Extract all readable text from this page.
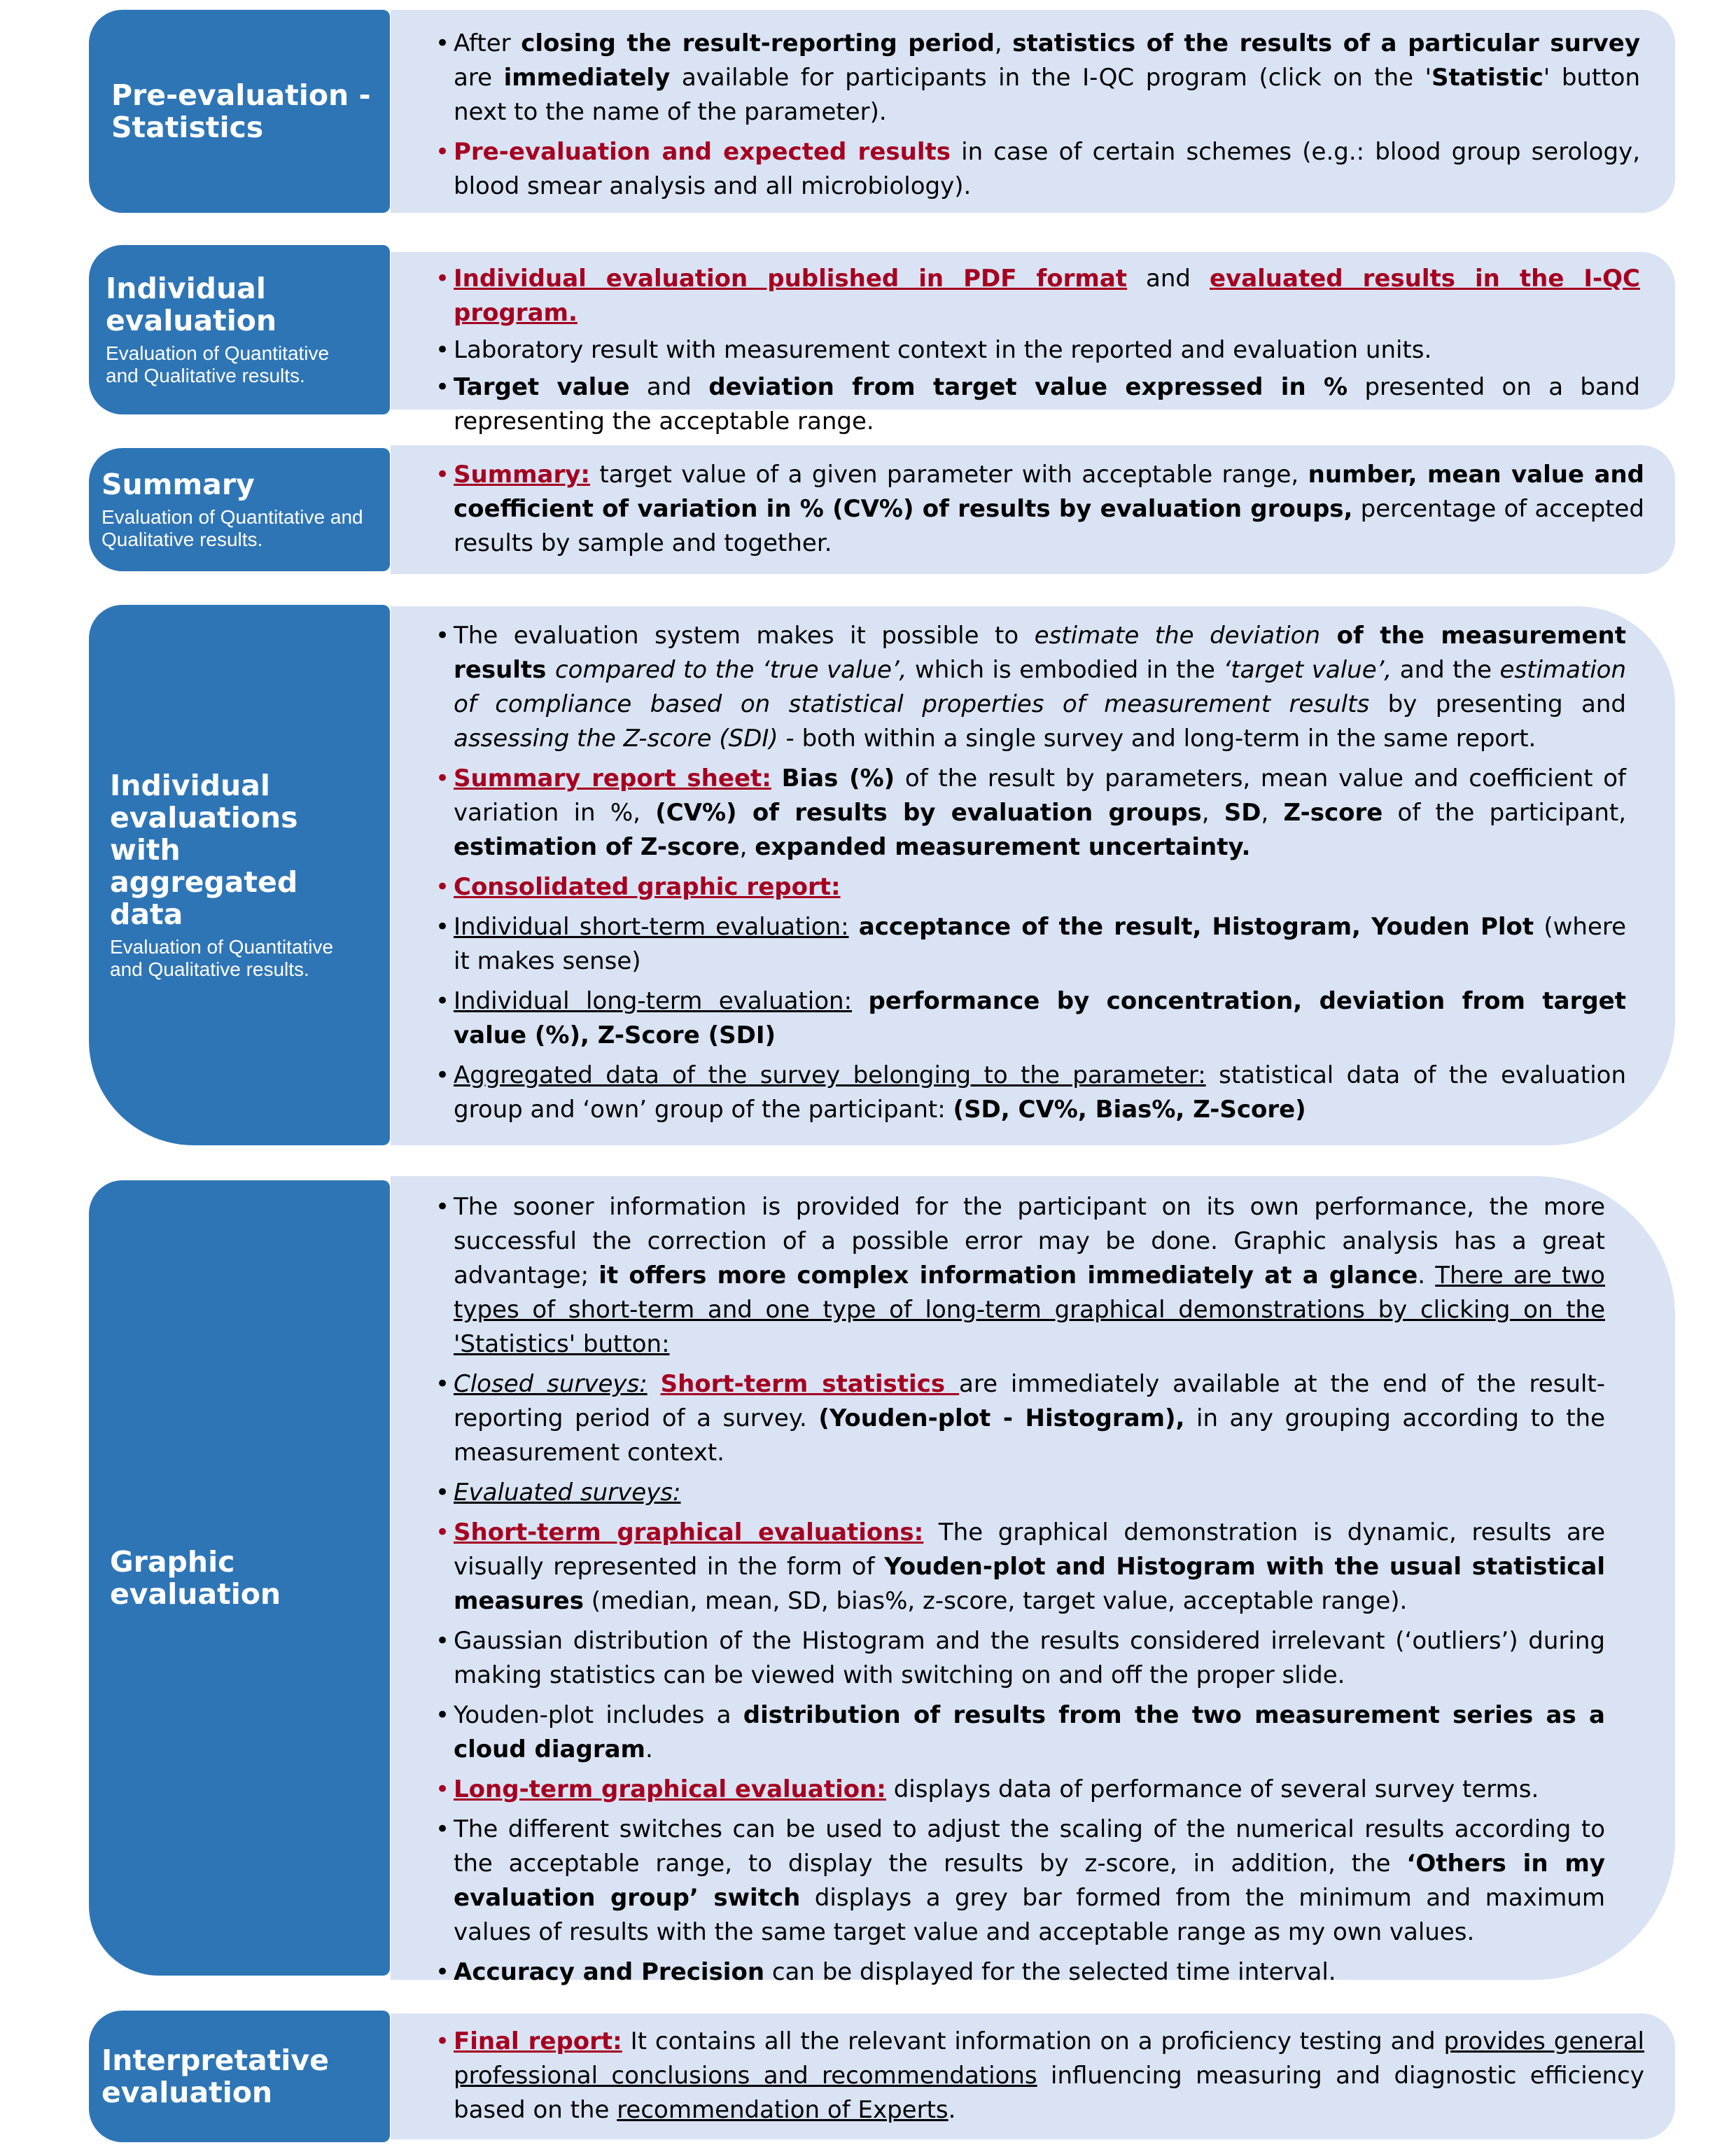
Pre-evaluation - Statistics
• After closing the result-reporting period, statistics of the results of a particular survey are immediately available for participants in the I-QC program (click on the 'Statistic' button next to the name of the parameter).
• Pre-evaluation and expected results in case of certain schemes (e.g.: blood group serology, blood smear analysis and all microbiology).
Individual evaluation
Evaluation of Quantitative and Qualitative results.
• Individual evaluation published in PDF format and evaluated results in the I-QC program.
• Laboratory result with measurement context in the reported and evaluation units.
• Target value and deviation from target value expressed in % presented on a band representing the acceptable range.
Summary
Evaluation of Quantitative and Qualitative results.
• Summary: target value of a given parameter with acceptable range, number, mean value and coefficient of variation in % (CV%) of results by evaluation groups, percentage of accepted results by sample and together.
Individual evaluations with aggregated data
Evaluation of Quantitative and Qualitative results.
• The evaluation system makes it possible to estimate the deviation of the measurement results compared to the ‘true value’, which is embodied in the ‘target value’, and the estimation of compliance based on statistical properties of measurement results by presenting and assessing the Z-score (SDI) - both within a single survey and long-term in the same report.
• Summary report sheet: Bias (%) of the result by parameters, mean value and coefficient of variation in %, (CV%) of results by evaluation groups, SD, Z-score of the participant, estimation of Z-score, expanded measurement uncertainty.
• Consolidated graphic report:
• Individual short-term evaluation: acceptance of the result, Histogram, Youden Plot (where it makes sense)
• Individual long-term evaluation: performance by concentration, deviation from target value (%), Z-Score (SDI)
• Aggregated data of the survey belonging to the parameter: statistical data of the evaluation group and ‘own’ group of the participant: (SD, CV%, Bias%, Z-Score)
Graphic evaluation
• The sooner information is provided for the participant on its own performance, the more successful the correction of a possible error may be done. Graphic analysis has a great advantage; it offers more complex information immediately at a glance. There are two types of short-term and one type of long-term graphical demonstrations by clicking on the 'Statistics' button:
• Closed surveys: Short-term statistics are immediately available at the end of the result-reporting period of a survey. (Youden-plot - Histogram), in any grouping according to the measurement context.
• Evaluated surveys:
• Short-term graphical evaluations: The graphical demonstration is dynamic, results are visually represented in the form of Youden-plot and Histogram with the usual statistical measures (median, mean, SD, bias%, z-score, target value, acceptable range).
• Gaussian distribution of the Histogram and the results considered irrelevant (‘outliers’) during making statistics can be viewed with switching on and off the proper slide.
• Youden-plot includes a distribution of results from the two measurement series as a cloud diagram.
• Long-term graphical evaluation: displays data of performance of several survey terms.
• The different switches can be used to adjust the scaling of the numerical results according to the acceptable range, to display the results by z-score, in addition, the ‘Others in my evaluation group’ switch displays a grey bar formed from the minimum and maximum values of results with the same target value and acceptable range as my own values.
• Accuracy and Precision can be displayed for the selected time interval.
Interpretative evaluation
• Final report: It contains all the relevant information on a proficiency testing and provides general professional conclusions and recommendations influencing measuring and diagnostic efficiency based on the recommendation of Experts.
